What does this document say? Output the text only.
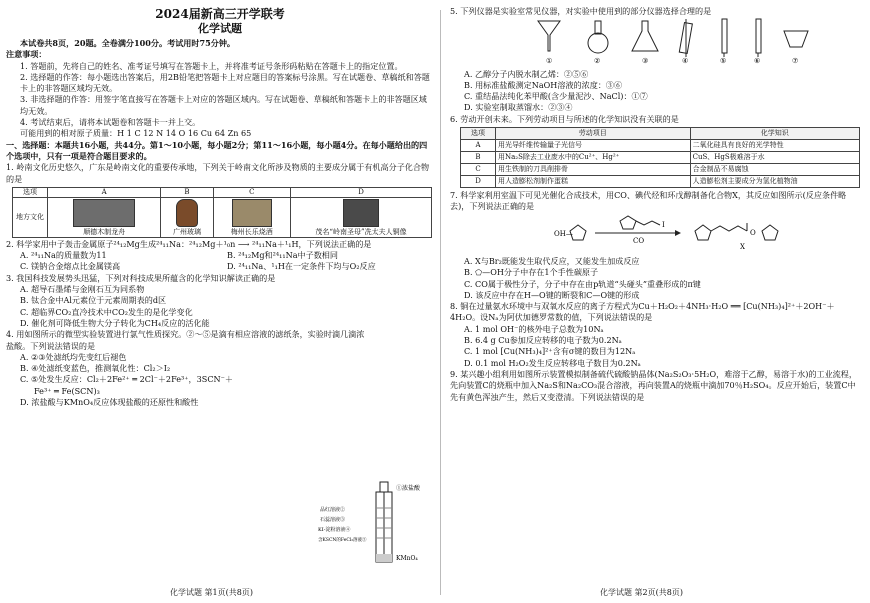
2024届新高三开学联考
化学试题

本试卷共8页，20题。全卷满分100分。考试用时75分钟。

注意事项：

1. 答题前，先将自己的姓名、准考证号填写在答题卡上，并将准考证号条形码粘贴在答题卡上的指定位置。

2. 选择题的作答：每小题选出答案后，用2B铅笔把答题卡上对应题目的答案标号涂黑。写在试题卷、草稿纸和答题卡上的非答题区域均无效。

3. 非选择题的作答：用签字笔直接写在答题卡上对应的答题区域内。写在试题卷、草稿纸和答题卡上的非答题区域均无效。

4. 考试结束后，请将本试题卷和答题卡一并上交。

可能用到的相对原子质量：H 1 C 12 N 14 O 16 Cu 64 Zn 65

一、选择题：本题共16小题，共44分。第1～10小题，每小题2分；第11～16小题，每小题4分。在每小题给出的四个选项中，只有一项是符合题目要求的。

1. 岭南文化历史悠久，广东是岭南文化的重要传承地，下列关于岭南文化所涉及物质的主要成分属于有机高分子化合物的是

选项	A	B	C	D
地方文化	顺德木制龙舟	广州玻璃	梅州长乐烧酒	茂名“岭南圣母”冼太夫人铜像

2. 科学家用中子轰击金属原子²⁴₁₂Mg生成²⁴₁₁Na：²⁴₁₂Mg＋¹₀n ⟶ ²⁴₁₁Na＋¹₁H，下列说法正确的是

A. ²⁴₁₁Na的质量数为11	B. ²⁴₁₂Mg和²⁴₁₁Na中子数相同
C. 镁钠合金熔点比金属镁高	D. ²⁴₁₁Na、¹₁H在一定条件下均与O₂反应

3. 我国科技发展势头迅猛，下列对科技成果所蕴含的化学知识解读正确的是

A. 超导石墨烯与金刚石互为同系物

B. 钛合金中Al元素位于元素周期表的d区

C. 超临界CO₂直冷技术中CO₂发生的是化学变化

D. 催化剂可降低生物大分子转化为CH₄反应的活化能

4. 用如图所示的微型实验装置进行氯气性质探究。②～⑤是滴有相应溶液的滤纸条，实验时滴几滴浓盐酸。下列说法错误的是

A. ②③处滤纸均先变红后褪色

B. ④处滤纸变蓝色，推测氧化性：Cl₂＞I₂

C. ⑤处发生反应：Cl₂＋2Fe²⁺ ═ 2Cl⁻＋2Fe³⁺，3SCN⁻＋

Fe³⁺ ═ Fe(SCN)₃

D. 浓盐酸与KMnO₄反应体现盐酸的还原性和酸性

①浓盐酸
品红溶液②
石蕊溶液③
KI-淀粉溶液④
含KSCN的FeCl₂溶液⑤
KMnO₄
化学试题 第1页(共8页)

5. 下列仪器是实验室常见仪器，对实验中使用到的部分仪器选择合理的是

①	②	③	④	⑤	⑥	⑦

A. 乙醇分子内脱水制乙烯：②⑤⑥

B. 用标准盐酸测定NaOH溶液的浓度：③⑥

C. 重结晶法纯化苯甲酸(含少量泥沙、NaCl)：①⑦

D. 实验室制取蒸馏水：②③④

6. 劳动开创未来。下列劳动项目与所述的化学知识没有关联的是

选项	劳动项目	化学知识
A	用光导纤维传输量子光信号	二氧化硅具有良好的光学特性
B	用Na₂S除去工业废水中的Cu²⁺、Hg²⁺	CuS、HgS极难溶于水
C	用生铁制的刀具削排骨	合金制品不易腐蚀
D	用人造膨松剂制作蛋糕	人造膨松剂主要成分为氢化植物油

7. 科学家利用室温下可见光催化合成技术，用CO、碘代烃和环戊醇制备化合物X，其反应如图所示(反应条件略去)，下列说法正确的是

OH—
I
CO
O
X

A. X与Br₂既能发生取代反应，又能发生加成反应

B. ⬠—OH分子中存在1个手性碳原子

C. CO属于极性分子，分子中存在由p轨道“头碰头”重叠形成的π键

D. 该反应中存在H—O键的断裂和C—O键的形成

8. 铜在过量氨水环境中与双氧水反应的离子方程式为Cu＋H₂O₂＋4NH₃·H₂O ══ [Cu(NH₃)₄]²⁺＋2OH⁻＋4H₂O。设Nₐ为阿伏加德罗常数的值，下列说法错误的是

A. 1 mol OH⁻的核外电子总数为10Nₐ

B. 6.4 g Cu参加反应转移的电子数为0.2Nₐ

C. 1 mol [Cu(NH₃)₄]²⁺含有σ键的数目为12Nₐ

D. 0.1 mol H₂O₂发生反应转移电子数目为0.2Nₐ

9. 某兴趣小组利用如图所示装置模拟制备硫代硫酸钠晶体(Na₂S₂O₃·5H₂O，难溶于乙醇，易溶于水)的工业流程，先向装置C的烧瓶中加入Na₂S和Na₂CO₃混合溶液，再向装置A的烧瓶中滴加70％H₂SO₄。反应开始后，装置C中先有黄色浑浊产生，然后又变澄清。下列说法错误的是

化学试题 第2页(共8页)
